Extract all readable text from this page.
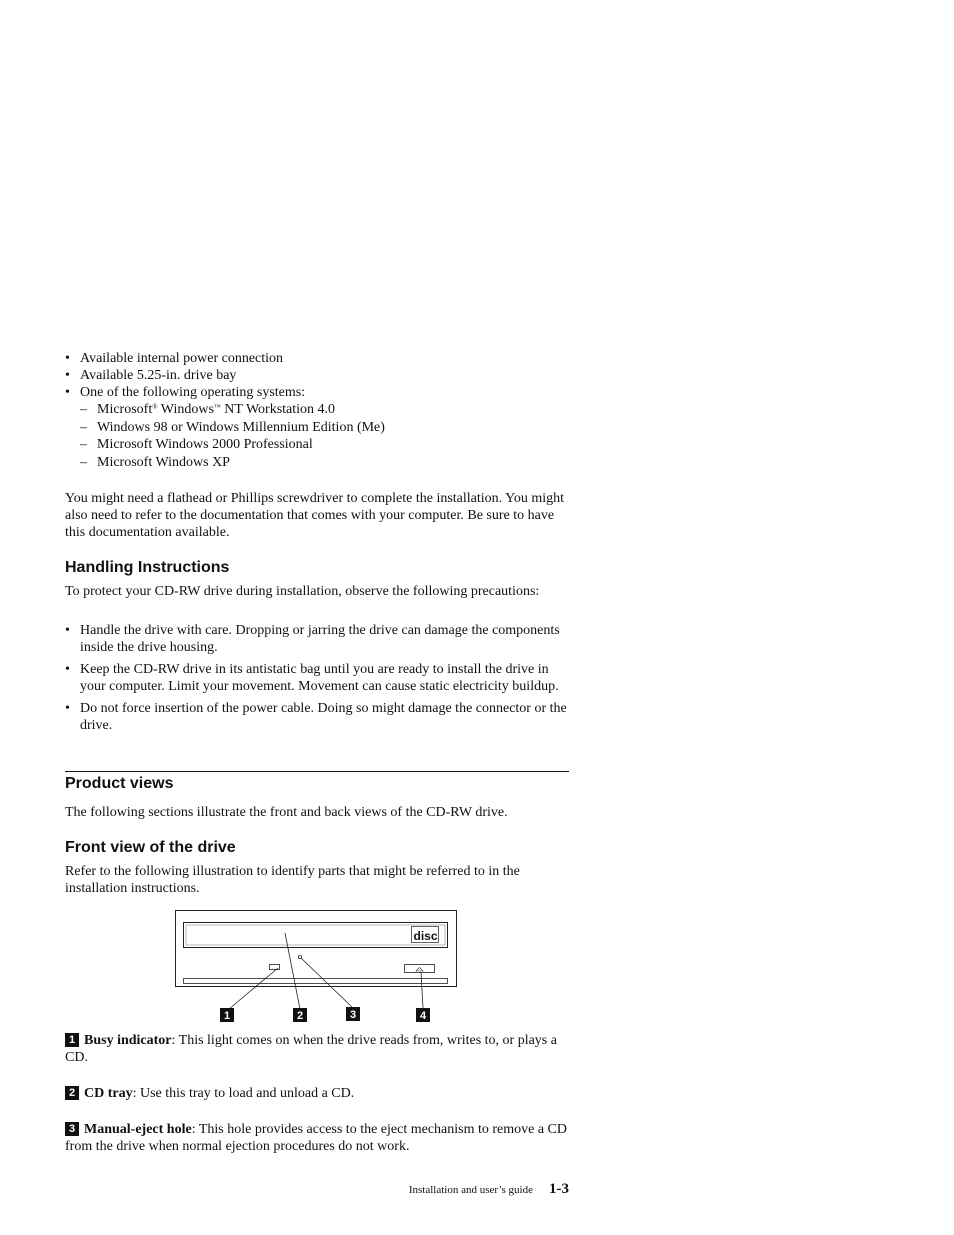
• Available internal power connection
• Available 5.25-in. drive bay
• One of the following operating systems:
– Microsoft® Windows™ NT Workstation 4.0
– Windows 98 or Windows Millennium Edition (Me)
– Microsoft Windows 2000 Professional
– Microsoft Windows XP

You might need a flathead or Phillips screwdriver to complete the installation. You might also need to refer to the documentation that comes with your computer. Be sure to have this documentation available.

Handling Instructions

To protect your CD-RW drive during installation, observe the following precautions:

• Handle the drive with care. Dropping or jarring the drive can damage the components inside the drive housing.
• Keep the CD-RW drive in its antistatic bag until you are ready to install the drive in your computer. Limit your movement. Movement can cause static electricity buildup.
• Do not force insertion of the power cable. Doing so might damage the connector or the drive.
Product views

The following sections illustrate the front and back views of the CD-RW drive.

Front view of the drive

Refer to the following illustration to identify parts that might be referred to in the installation instructions.

disc
1	2	3	4

1 Busy indicator: This light comes on when the drive reads from, writes to, or plays a CD.

2 CD tray: Use this tray to load and unload a CD.

3 Manual-eject hole: This hole provides access to the eject mechanism to remove a CD from the drive when normal ejection procedures do not work.

Installation and user’s guide 1-3
